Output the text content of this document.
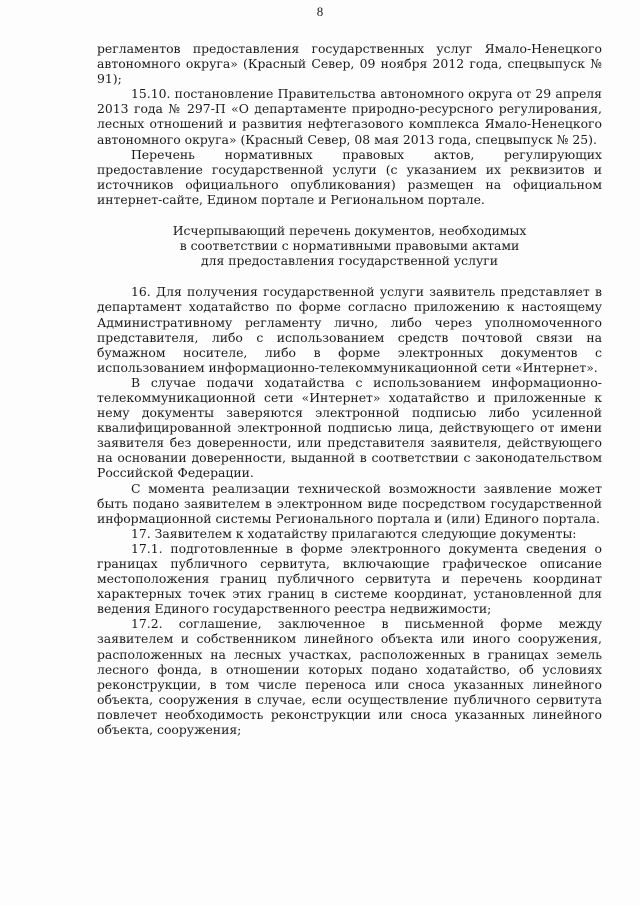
8

регламентов предоставления государственных услуг Ямало-Ненецкого автономного округа» (Красный Север, 09 ноября 2012 года, спецвыпуск № 91);

15.10. постановление Правительства автономного округа от 29 апреля 2013 года № 297-П «О департаменте природно-ресурсного регулирования, лесных отношений и развития нефтегазового комплекса Ямало-Ненецкого автономного округа» (Красный Север, 08 мая 2013 года, спецвыпуск № 25).

Перечень нормативных правовых актов, регулирующих предоставление государственной услуги (с указанием их реквизитов и источников официального опубликования) размещен на официальном интернет-сайте, Едином портале и Региональном портале.

Исчерпывающий перечень документов, необходимых
в соответствии с нормативными правовыми актами
для предоставления государственной услуги

16. Для получения государственной услуги заявитель представляет в департамент ходатайство по форме согласно приложению к настоящему Административному регламенту лично, либо через уполномоченного представителя, либо с использованием средств почтовой связи на бумажном носителе, либо в форме электронных документов с использованием информационно-телекоммуникационной сети «Интернет».

В случае подачи ходатайства с использованием информационно-телекоммуникационной сети «Интернет» ходатайство и приложенные к нему документы заверяются электронной подписью либо усиленной квалифицированной электронной подписью лица, действующего от имени заявителя без доверенности, или представителя заявителя, действующего на основании доверенности, выданной в соответствии с законодательством Российской Федерации.

С момента реализации технической возможности заявление может быть подано заявителем в электронном виде посредством государственной информационной системы Регионального портала и (или) Единого портала.

17. Заявителем к ходатайству прилагаются следующие документы:

17.1. подготовленные в форме электронного документа сведения о границах публичного сервитута, включающие графическое описание местоположения границ публичного сервитута и перечень координат характерных точек этих границ в системе координат, установленной для ведения Единого государственного реестра недвижимости;

17.2. соглашение, заключенное в письменной форме между заявителем и собственником линейного объекта или иного сооружения, расположенных на лесных участках, расположенных в границах земель лесного фонда, в отношении которых подано ходатайство, об условиях реконструкции, в том числе переноса или сноса указанных линейного объекта, сооружения в случае, если осуществление публичного сервитута повлечет необходимость реконструкции или сноса указанных линейного объекта, сооружения;
